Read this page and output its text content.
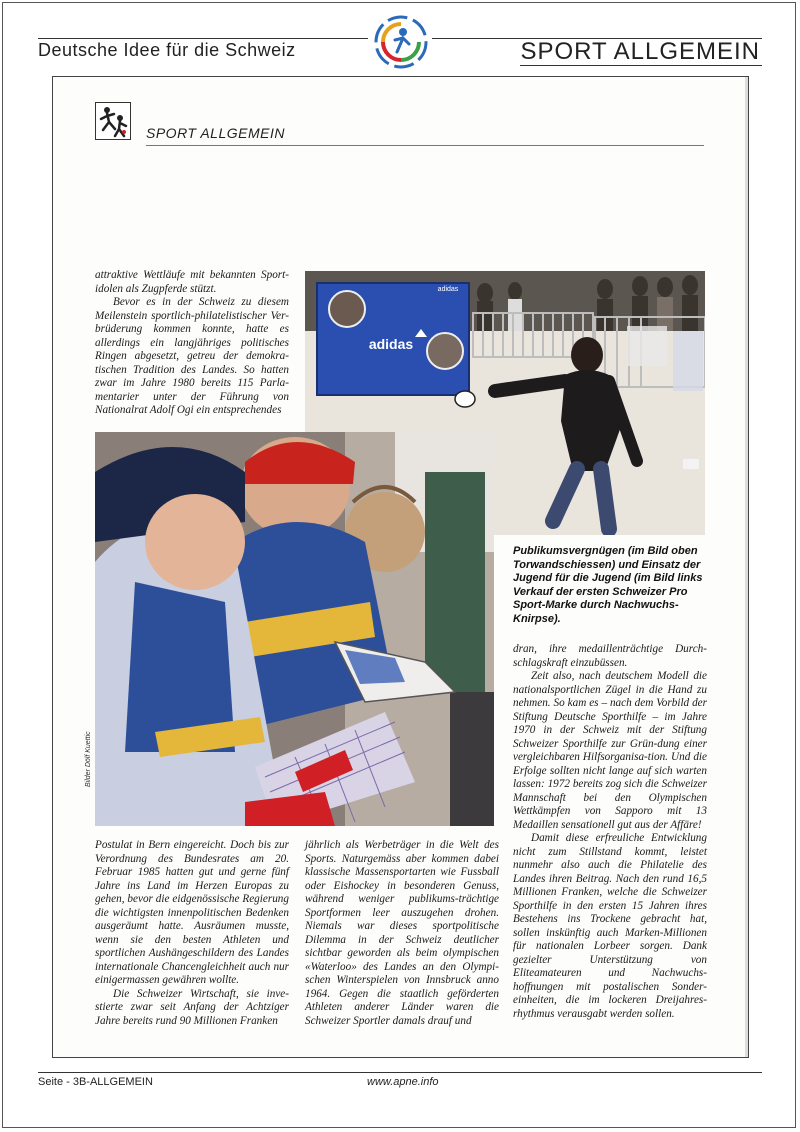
Deutsche Idee für die Schweiz	SPORT ALLGEMEIN
SPORT ALLGEMEIN

attraktive Wettläufe mit bekannten Sport-idolen als Zugpferde stützt.

Bevor es in der Schweiz zu diesem Meilenstein sportlich-philatelistischer Ver-brüderung kommen konnte, hatte es allerdings ein langjähriges politisches Ringen abgesetzt, getreu der demokra-tischen Tradition des Landes. So hatten zwar im Jahre 1980 bereits 115 Parla-mentarier unter der Führung von Nationalrat Adolf Ogi ein entsprechendes

adidas
adidas
Bilder Dölf Kuettic
Publikumsvergnügen (im Bild oben Torwandschiessen) und Einsatz der Jugend für die Jugend (im Bild links Verkauf der ersten Schweizer Pro Sport-Marke durch Nachwuchs-Knirpse).

Postulat in Bern eingereicht. Doch bis zur Verordnung des Bundesrates am 20. Februar 1985 hatten gut und gerne fünf Jahre ins Land im Herzen Europas zu gehen, bevor die eidgenössische Regierung die wichtigsten innenpolitischen Bedenken ausgeräumt hatte. Ausräumen musste, wenn sie den besten Athleten und sportlichen Aushängeschildern des Landes internationale Chancengleichheit auch nur einigermassen gewähren wollte.

Die Schweizer Wirtschaft, sie inve-stierte zwar seit Anfang der Achtziger Jahre bereits rund 90 Millionen Franken

jährlich als Werbeträger in die Welt des Sports. Naturgemäss aber kommen dabei klassische Massensportarten wie Fussball oder Eishockey in besonderen Genuss, während weniger publikums-trächtige Sportformen leer auszugehen drohen. Niemals war dieses sportpolitische Dilemma in der Schweiz deutlicher sichtbar geworden als beim olympischen «Waterloo» des Landes an den Olympi-schen Winterspielen von Innsbruck anno 1964. Gegen die staatlich geförderten Athleten anderer Länder waren die Schweizer Sportler damals drauf und

dran, ihre medaillenträchtige Durch-schlagskraft einzubüssen.

Zeit also, nach deutschem Modell die nationalsportlichen Zügel in die Hand zu nehmen. So kam es – nach dem Vorbild der Stiftung Deutsche Sporthilfe – im Jahre 1970 in der Schweiz mit der Stiftung Schweizer Sporthilfe zur Grün-dung einer vergleichbaren Hilfsorganisa-tion. Und die Erfolge sollten nicht lange auf sich warten lassen: 1972 bereits zog sich die Schweizer Mannschaft bei den Olympischen Wettkämpfen von Sapporo mit 13 Medaillen sensationell gut aus der Affäre!

Damit diese erfreuliche Entwicklung nicht zum Stillstand kommt, leistet nunmehr also auch die Philatelie des Landes ihren Beitrag. Nach den rund 16,5 Millionen Franken, welche die Schweizer Sporthilfe in den ersten 15 Jahren ihres Bestehens ins Trockene gebracht hat, sollen inskünftig auch Marken-Millionen für nationalen Lorbeer sorgen. Dank gezielter Unterstützung von Eliteamateuren und Nachwuchs-hoffnungen mit postalischen Sonder-einheiten, die im lockeren Dreijahres-rhythmus verausgabt werden sollen.

Seite - 3B-ALLGEMEIN	www.apne.info
